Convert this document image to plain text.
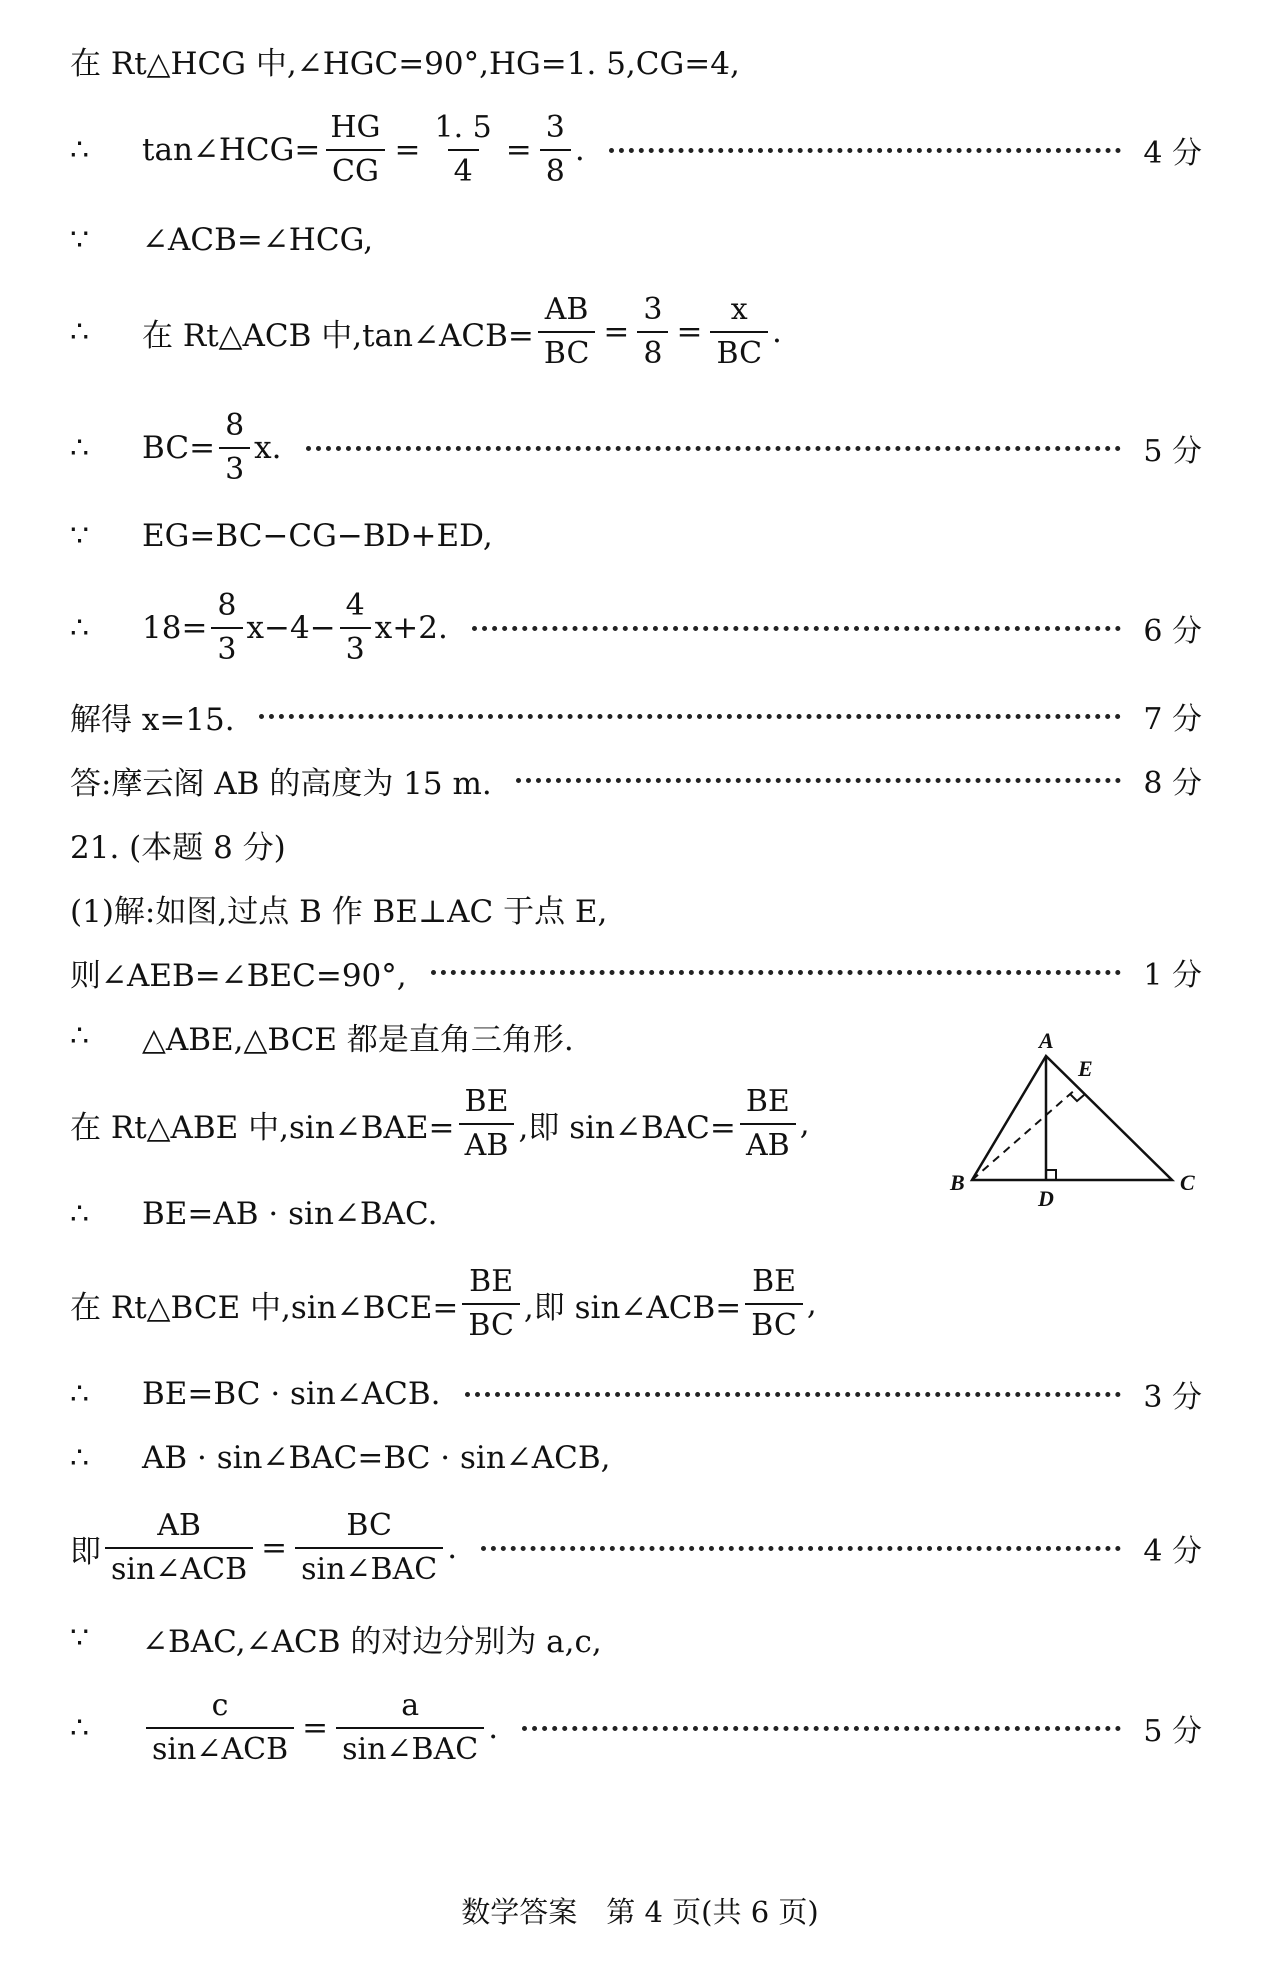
在 Rt△HCG 中,∠HGC=90°,HG=1. 5,CG=4,
∴	tan∠HCG= $\frac{HG}{CG} = \frac{1. 5}{4} = \frac{3}{8}$ .	4 分
∵	∠ACB=∠HCG,
∴	在 Rt△ACB 中,tan∠ACB= $\frac{AB}{BC} = \frac{3}{8} = \frac{x}{BC}$ .
∴	$BC= \frac{8}{3} x$.	5 分
∵	EG=BC−CG−BD+ED,
∴	$18= \frac{8}{3} x-4- \frac{4}{3} x+2$.	6 分
解得 x=15.	7 分
答:摩云阁 AB 的高度为 15 m.	8 分
21. (本题 8 分)
(1)解:如图,过点 B 作 BE⊥AC 于点 E,
则∠AEB=∠BEC=90°,	1 分
∴	△ABE,△BCE 都是直角三角形.
在 Rt△ABE 中,sin∠BAE= $\frac{BE}{AB}$ ,即 sin∠BAC= $\frac{BE}{AB}$ ,
∴	BE=AB · sin∠BAC.
在 Rt△BCE 中,sin∠BCE= $\frac{BE}{BC}$ ,即 sin∠ACB= $\frac{BE}{BC}$ ,
∴	BE=BC · sin∠ACB.	3 分
∴	AB · sin∠BAC=BC · sin∠ACB,
即 $\frac{AB}{\text{sin∠ACB}} = \frac{BC}{\text{sin∠BAC}}$ .	4 分
∵	∠BAC,∠ACB 的对边分别为 a,c,
∴	$\frac{c}{\text{sin∠ACB}} = \frac{a}{\text{sin∠BAC}}$ .	5 分
A
E
B
D
C
数学答案　第 4 页(共 6 页)
